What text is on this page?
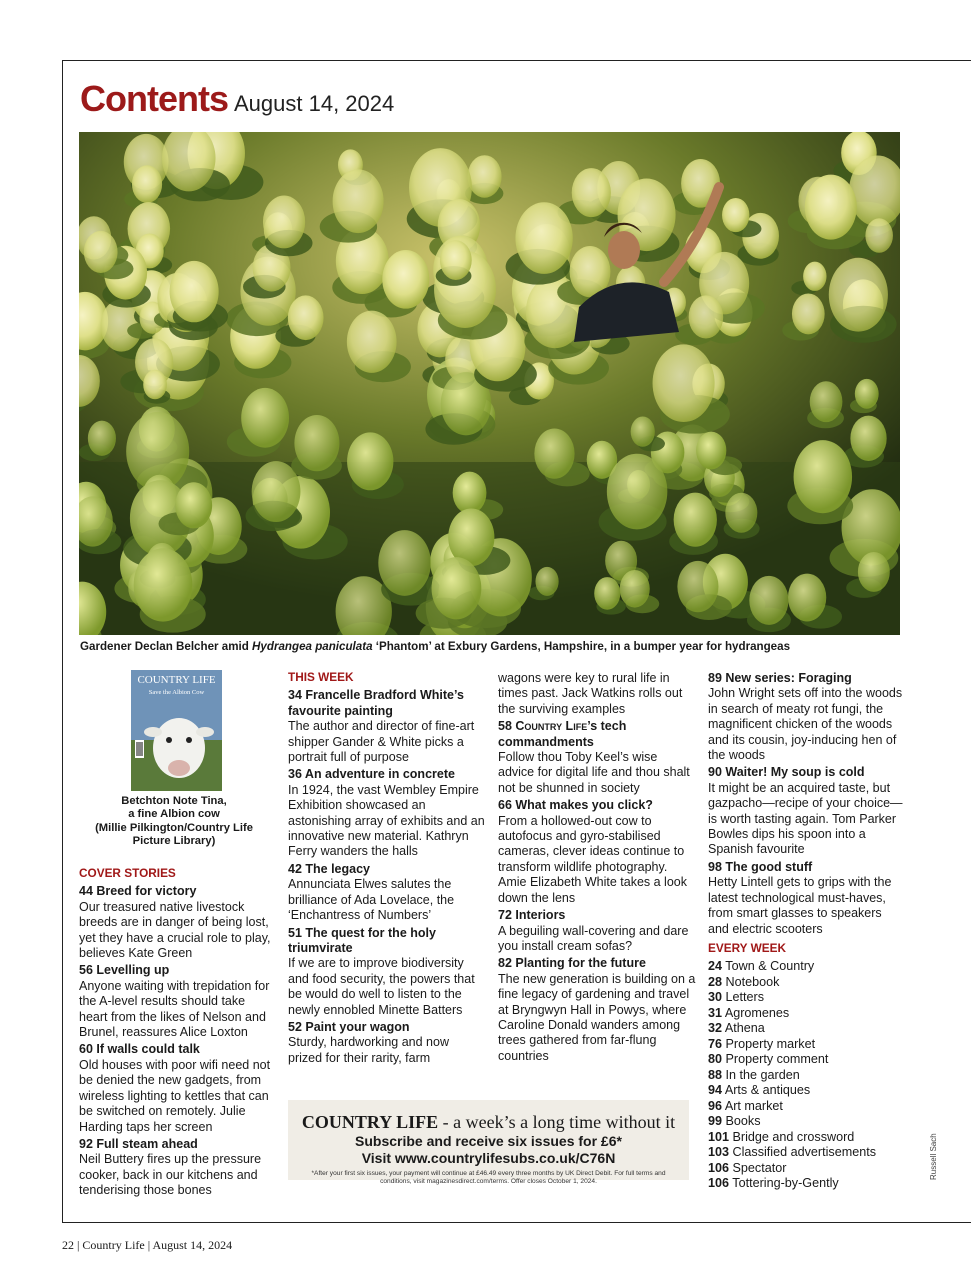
Contents August 14, 2024
Gardener Declan Belcher amid Hydrangea paniculata ‘Phantom’ at Exbury Gardens, Hampshire, in a bumper year for hydrangeas
COUNTRY LIFE
Save the Albion Cow
Betchton Note Tina,
a fine Albion cow
(Millie Pilkington/Country Life
Picture Library)
COVER STORIES
44 Breed for victory
Our treasured native livestock breeds are in danger of being lost, yet they have a crucial role to play, believes Kate Green
56 Levelling up
Anyone waiting with trepidation for the A-level results should take heart from the likes of Nelson and Brunel, reassures Alice Loxton
60 If walls could talk
Old houses with poor wifi need not be denied the new gadgets, from wireless lighting to kettles that can be switched on remotely. Julie Harding taps her screen
92 Full steam ahead
Neil Buttery fires up the pressure cooker, back in our kitchens and tenderising those bones
THIS WEEK
34 Francelle Bradford White’s favourite painting
The author and director of fine-art shipper Gander & White picks a portrait full of purpose
36 An adventure in concrete
In 1924, the vast Wembley Empire Exhibition showcased an astonishing array of exhibits and an innovative new material. Kathryn Ferry wanders the halls
42 The legacy
Annunciata Elwes salutes the brilliance of Ada Lovelace, the ‘Enchantress of Numbers’
51 The quest for the holy triumvirate
If we are to improve biodiversity and food security, the powers that be would do well to listen to the newly ennobled Minette Batters
52 Paint your wagon
Sturdy, hardworking and now prized for their rarity, farm
wagons were key to rural life in times past. Jack Watkins rolls out the surviving examples
58 Country Life’s tech commandments
Follow thou Toby Keel’s wise advice for digital life and thou shalt not be shunned in society
66 What makes you click?
From a hollowed-out cow to autofocus and gyro-stabilised cameras, clever ideas continue to transform wildlife photography. Amie Elizabeth White takes a look down the lens
72 Interiors
A beguiling wall-covering and dare you install cream sofas?
82 Planting for the future
The new generation is building on a fine legacy of gardening and travel at Bryngwyn Hall in Powys, where Caroline Donald wanders among trees gathered from far-flung countries
89 New series: Foraging
John Wright sets off into the woods in search of meaty rot fungi, the magnificent chicken of the woods and its cousin, joy-inducing hen of the woods
90 Waiter! My soup is cold
It might be an acquired taste, but gazpacho—recipe of your choice—is worth tasting again. Tom Parker Bowles dips his spoon into a Spanish favourite
98 The good stuff
Hetty Lintell gets to grips with the latest technological must-haves, from smart glasses to speakers and electric scooters
EVERY WEEK
24 Town & Country
28 Notebook
30 Letters
31 Agromenes
32 Athena
76 Property market
80 Property comment
88 In the garden
94 Arts & antiques
96 Art market
99 Books
101 Bridge and crossword
103 Classified advertisements
106 Spectator
106 Tottering-by-Gently
COUNTRY LIFE - a week’s a long time without it
Subscribe and receive six issues for £6*
Visit www.countrylifesubs.co.uk/C76N
*After your first six issues, your payment will continue at £46.49 every three months by UK Direct Debit. For full terms and conditions, visit magazinesdirect.com/terms. Offer closes October 1, 2024.
Russell Sach
22 | Country Life | August 14, 2024
